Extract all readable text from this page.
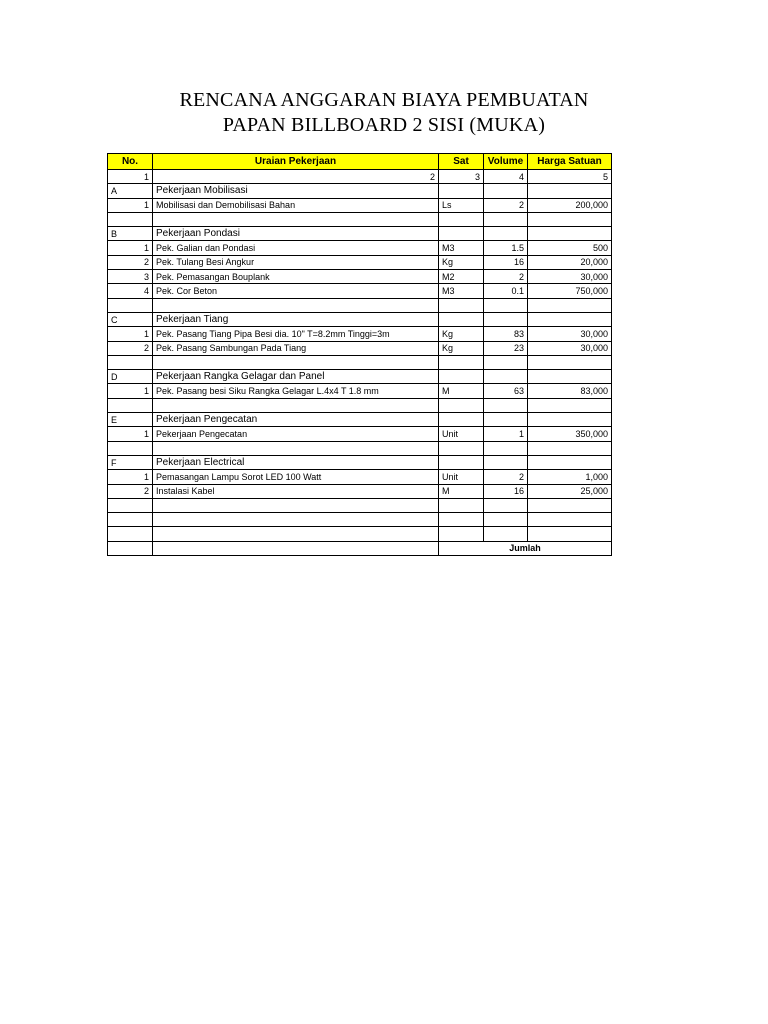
RENCANA ANGGARAN BIAYA PEMBUATAN
PAPAN BILLBOARD 2 SISI (MUKA)
No.	Uraian Pekerjaan	Sat	Volume	Harga Satuan
1	2	3	4	5
A	Pekerjaan Mobilisasi			
1	Mobilisasi dan Demobilisasi Bahan	Ls	2	200,000

B	Pekerjaan Pondasi			
1	Pek. Galian dan Pondasi	M3	1.5	500
2	Pek. Tulang Besi Angkur	Kg	16	20,000
3	Pek. Pemasangan Bouplank	M2	2	30,000
4	Pek. Cor Beton	M3	0.1	750,000

C	Pekerjaan Tiang			
1	Pek. Pasang Tiang Pipa Besi dia. 10" T=8.2mm Tinggi=3m	Kg	83	30,000
2	Pek. Pasang Sambungan Pada Tiang	Kg	23	30,000

D	Pekerjaan Rangka Gelagar dan Panel			
1	Pek. Pasang besi Siku Rangka Gelagar L.4x4 T 1.8 mm	M	63	83,000

E	Pekerjaan Pengecatan			
1	Pekerjaan Pengecatan	Unit	1	350,000

F	Pekerjaan Electrical			
1	Pemasangan Lampu Sorot LED 100 Watt	Unit	2	1,000
2	Instalasi Kabel	M	16	25,000

		Jumlah		
